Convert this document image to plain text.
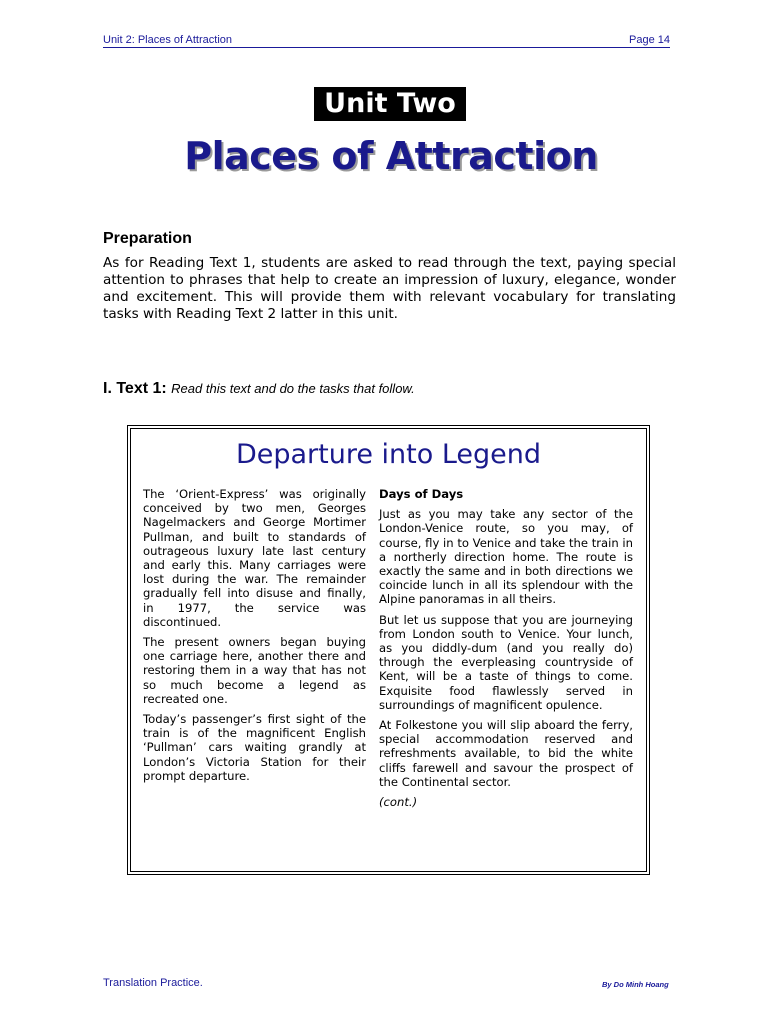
Unit 2: Places of Attraction	Page 14
Unit Two
Places of Attraction
Preparation

As for Reading Text 1, students are asked to read through the text, paying special attention to phrases that help to create an impression of luxury, elegance, wonder and excitement. This will provide them with relevant vocabulary for translating tasks with Reading Text 2 latter in this unit.

I. Text 1: Read this text and do the tasks that follow.
Departure into Legend

The ‘Orient-Express’ was originally conceived by two men, Georges Nagelmackers and George Mortimer Pullman, and built to standards of outrageous luxury late last century and early this. Many carriages were lost during the war. The remainder gradually fell into disuse and finally, in 1977, the service was discontinued.

The present owners began buying one carriage here, another there and restoring them in a way that has not so much become a legend as recreated one.

Today’s passenger’s first sight of the train is of the magnificent English ‘Pullman’ cars waiting grandly at London’s Victoria Station for their prompt departure.

Days of Days

Just as you may take any sector of the London-Venice route, so you may, of course, fly in to Venice and take the train in a northerly direction home. The route is exactly the same and in both directions we coincide lunch in all its splendour with the Alpine panoramas in all theirs.

But let us suppose that you are journeying from London south to Venice. Your lunch, as you diddly-dum (and you really do) through the everpleasing countryside of Kent, will be a taste of things to come. Exquisite food flawlessly served in surroundings of magnificent opulence.

At Folkestone you will slip aboard the ferry, special accommodation reserved and refreshments available, to bid the white cliffs farewell and savour the prospect of the Continental sector.

(cont.)

Translation Practice.	By Do Minh Hoang
